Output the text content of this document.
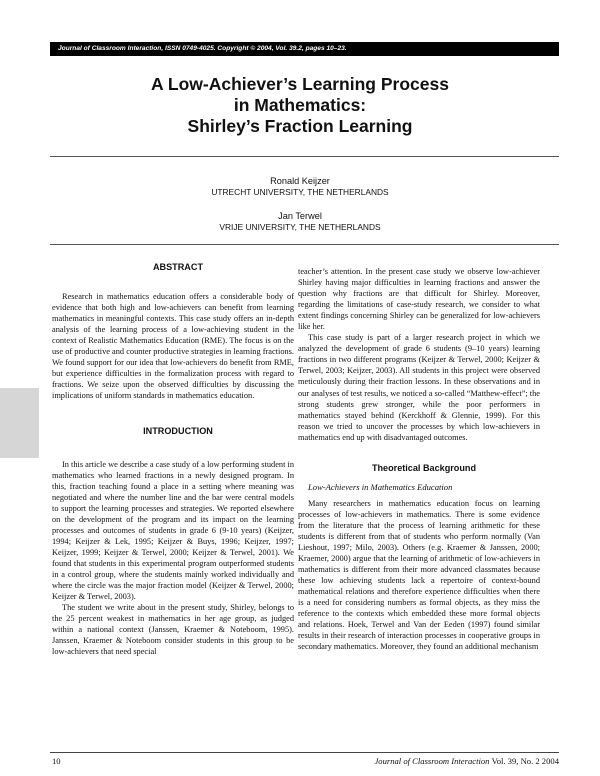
Journal of Classroom Interaction, ISSN 0749-4025. Copyright © 2004, Vol. 39.2, pages 10–23.
A Low-Achiever’s Learning Process
in Mathematics:
Shirley’s Fraction Learning
Ronald Keijzer
UTRECHT UNIVERSITY, THE NETHERLANDS
Jan Terwel
VRIJE UNIVERSITY, THE NETHERLANDS

ABSTRACT

Research in mathematics education offers a considerable body of evidence that both high and low-achievers can benefit from learning mathematics in meaningful contexts. This case study offers an in-depth analysis of the learning process of a low-achieving student in the context of Realistic Mathematics Education (RME). The focus is on the use of productive and counter productive strategies in learning fractions. We found support for our idea that low-achievers do benefit from RME, but experience difficulties in the formalization process with regard to fractions. We seize upon the observed difficulties by discussing the implications of uniform standards in mathematics education.

INTRODUCTION

In this article we describe a case study of a low performing student in mathematics who learned fractions in a newly designed program. In this, fraction teaching found a place in a setting where meaning was negotiated and where the number line and the bar were central models to support the learning processes and strategies. We reported elsewhere on the development of the program and its impact on the learning processes and outcomes of students in grade 6 (9-10 years) (Keijzer, 1994; Keijzer & Lek, 1995; Keijzer & Buys, 1996; Keijzer, 1997; Keijzer, 1999; Keijzer & Terwel, 2000; Keijzer & Terwel, 2001). We found that students in this experimental program outperformed students in a control group, where the students mainly worked individually and where the circle was the major fraction model (Keijzer & Terwel, 2000; Keijzer & Terwel, 2003).

The student we write about in the present study, Shirley, belongs to the 25 percent weakest in mathematics in her age group, as judged within a national context (Janssen, Kraemer & Noteboom, 1995). Janssen, Kraemer & Noteboom consider students in this group to be low-achievers that need special

teacher’s attention. In the present case study we observe low-achiever Shirley having major difficulties in learning fractions and answer the question why fractions are that difficult for Shirley. Moreover, regarding the limitations of case-study research, we consider to what extent findings concerning Shirley can be generalized for low-achievers like her.

This case study is part of a larger research project in which we analyzed the development of grade 6 students (9–10 years) learning fractions in two different programs (Keijzer & Terwel, 2000; Keijzer & Terwel, 2003; Keijzer, 2003). All students in this project were observed meticulously during their fraction lessons. In these observations and in our analyses of test results, we noticed a so-called “Matthew-effect”; the strong students grew stronger, while the poor performers in mathematics stayed behind (Kerckhoff & Glennie, 1999). For this reason we tried to uncover the processes by which low-achievers in mathematics end up with disadvantaged outcomes.

Theoretical Background

Low-Achievers in Mathematics Education

Many researchers in mathematics education focus on learning processes of low-achievers in mathematics. There is some evidence from the literature that the process of learning arithmetic for these students is different from that of students who perform normally (Van Lieshout, 1997; Milo, 2003). Others (e.g. Kraemer & Janssen, 2000; Kraemer, 2000) argue that the learning of arithmetic of low-achievers in mathematics is different from their more advanced classmates because these low achieving students lack a repertoire of context-bound mathematical relations and therefore experience difficulties when there is a need for considering numbers as formal objects, as they miss the reference to the contexts which embedded these more formal objects and relations. Hoek, Terwel and Van der Eeden (1997) found similar results in their research of interaction processes in cooperative groups in secondary mathematics. Moreover, they found an additional mechanism

10	Journal of Classroom Interaction Vol. 39, No. 2 2004
